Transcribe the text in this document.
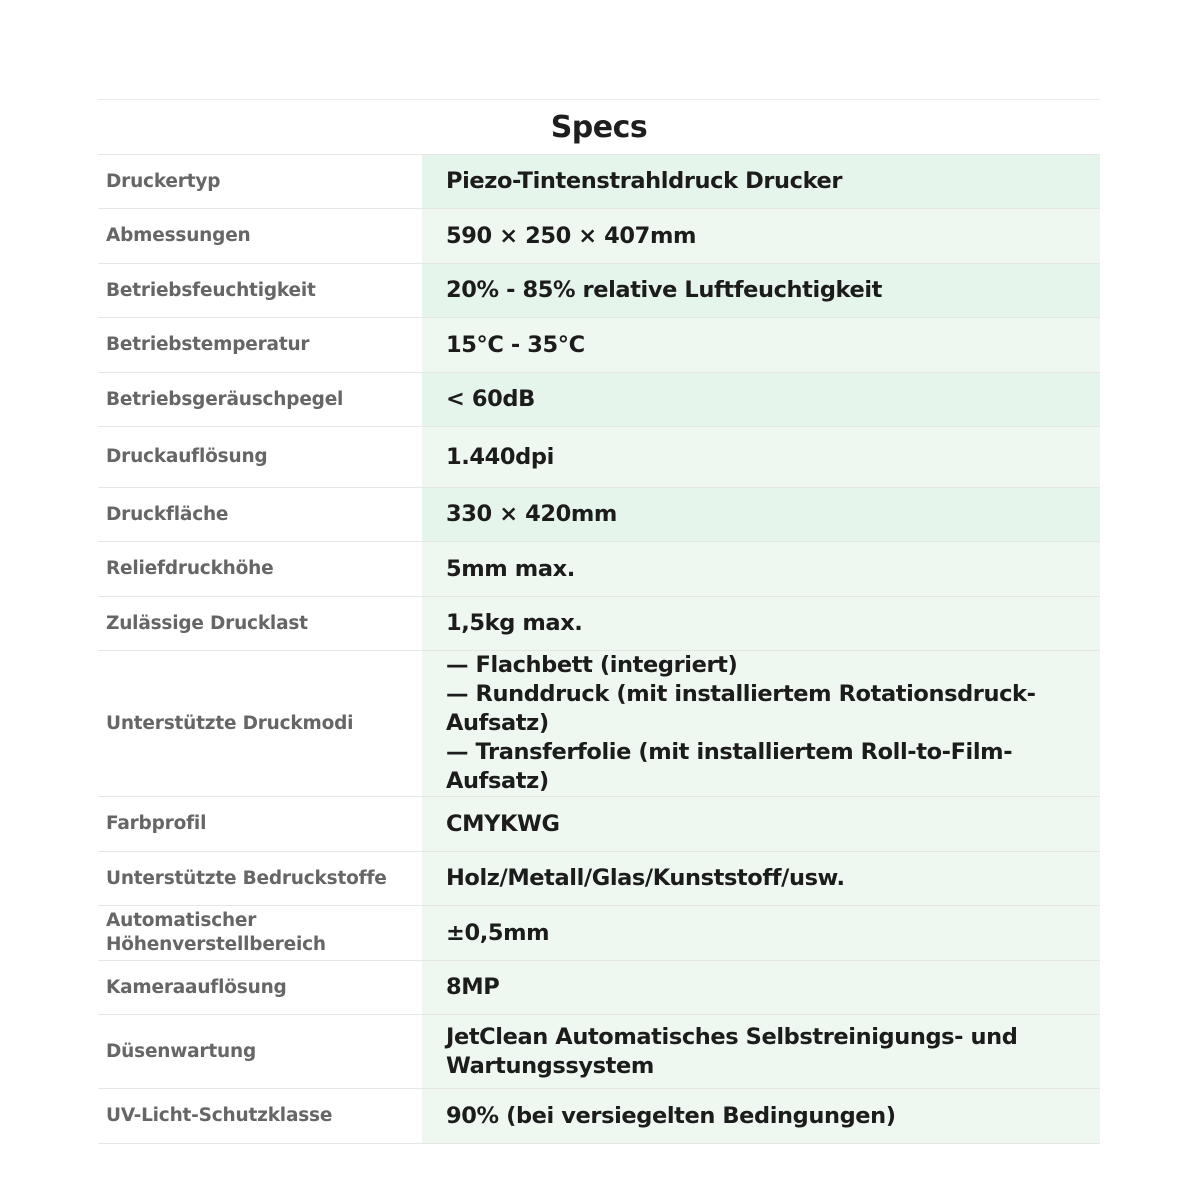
Specs
Druckertyp	Piezo-Tintenstrahldruck Drucker

Abmessungen	590 × 250 × 407mm

Betriebsfeuchtigkeit	20% - 85% relative Luftfeuchtigkeit

Betriebstemperatur	15°C - 35°C

Betriebsgeräuschpegel	< 60dB

Druckauflösung	1.440dpi

Druckfläche	330 × 420mm

Reliefdruckhöhe	5mm max.

Zulässige Drucklast	1,5kg max.

Unterstützte Druckmodi	— Flachbett (integriert)
— Runddruck (mit installiertem Rotationsdruck-Aufsatz)
— Transferfolie (mit installiertem Roll-to-Film-Aufsatz)

Farbprofil	CMYKWG

Unterstützte Bedruckstoffe	Holz/Metall/Glas/Kunststoff/usw.

Automatischer Höhenverstellbereich	±0,5mm

Kameraauflösung	8MP

Düsenwartung	JetClean Automatisches Selbstreinigungs- und
Wartungssystem

UV-Licht-Schutzklasse	90% (bei versiegelten Bedingungen)
